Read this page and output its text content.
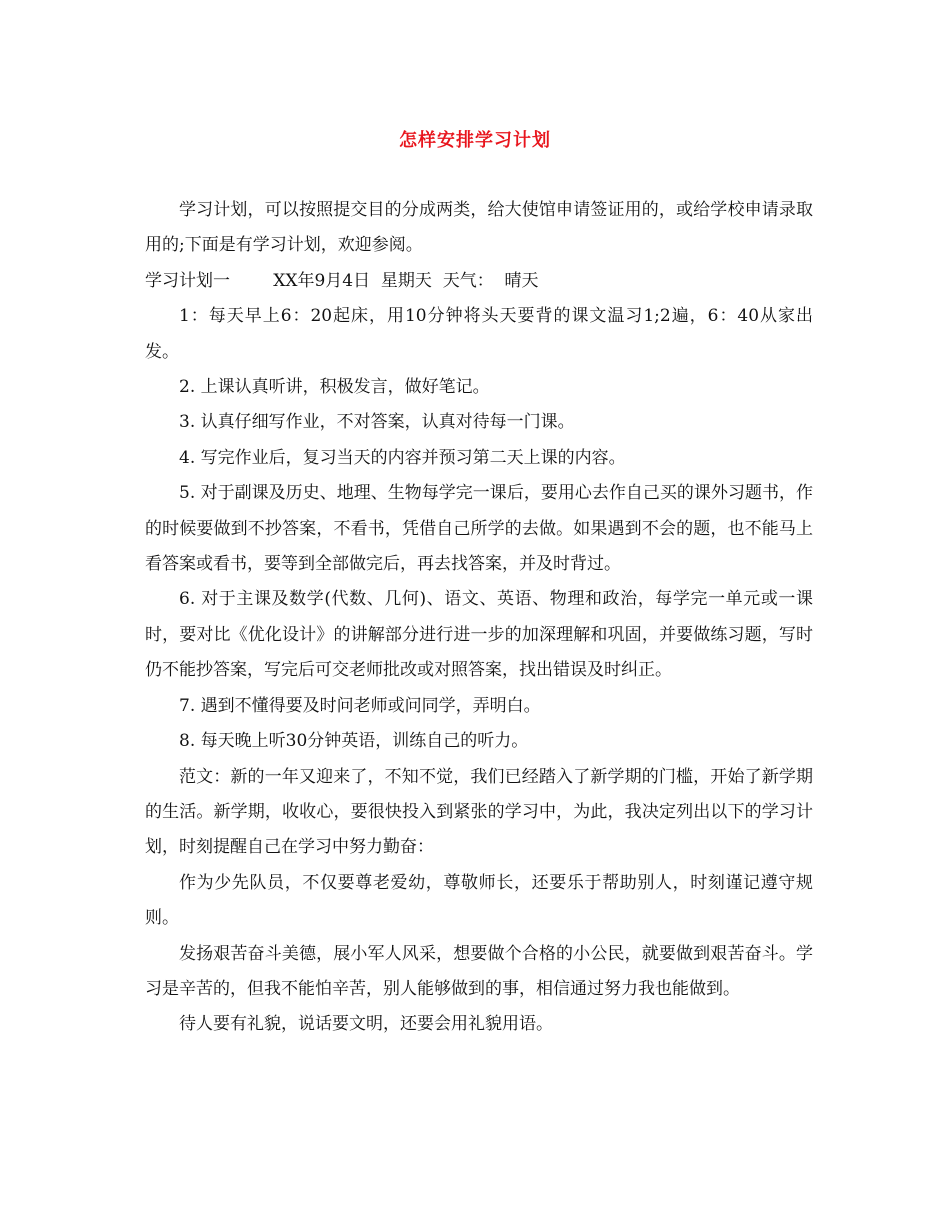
怎样安排学习计划

学习计划，可以按照提交目的分成两类，给大使馆申请签证用的，或给学校申请录取用的;下面是有学习计划，欢迎参阅。

学习计划一	XX年9月4日 星期天 天气： 晴天

1：每天早上6：20起床，用10分钟将头天要背的课文温习1;2遍，6：40从家出发。

2. 上课认真听讲，积极发言，做好笔记。

3. 认真仔细写作业，不对答案，认真对待每一门课。

4. 写完作业后，复习当天的内容并预习第二天上课的内容。

5. 对于副课及历史、地理、生物每学完一课后，要用心去作自己买的课外习题书，作的时候要做到不抄答案，不看书，凭借自己所学的去做。如果遇到不会的题，也不能马上看答案或看书，要等到全部做完后，再去找答案，并及时背过。

6. 对于主课及数学(代数、几何)、语文、英语、物理和政治，每学完一单元或一课时，要对比《优化设计》的讲解部分进行进一步的加深理解和巩固，并要做练习题，写时仍不能抄答案，写完后可交老师批改或对照答案，找出错误及时纠正。

7. 遇到不懂得要及时问老师或问同学，弄明白。

8. 每天晚上听30分钟英语，训练自己的听力。

范文：新的一年又迎来了，不知不觉，我们已经踏入了新学期的门槛，开始了新学期的生活。新学期，收收心，要很快投入到紧张的学习中，为此，我决定列出以下的学习计划，时刻提醒自己在学习中努力勤奋：

作为少先队员，不仅要尊老爱幼，尊敬师长，还要乐于帮助别人，时刻谨记遵守规则。

发扬艰苦奋斗美德，展小军人风采，想要做个合格的小公民，就要做到艰苦奋斗。学习是辛苦的，但我不能怕辛苦，别人能够做到的事，相信通过努力我也能做到。

待人要有礼貌，说话要文明，还要会用礼貌用语。
